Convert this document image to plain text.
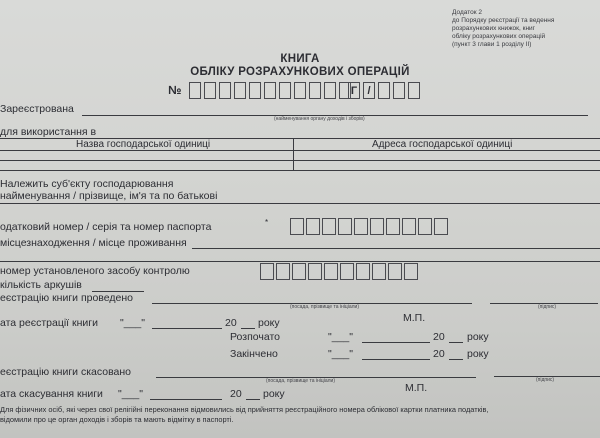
Додаток 2
до Порядку реєстрації та ведення
розрахункових книжок, книг
обліку розрахункових операцій
(пункт 3 глави 1 розділу ІІ)
КНИГА
ОБЛІКУ РОЗРАХУНКОВИХ ОПЕРАЦІЙ
№	Г /
Зареєстрована
(найменування органу доходів і зборів)
для використання в
Назва господарської одиниці	Адреса господарської одиниці
Належить суб'єкту господарювання
найменування / прізвище, ім'я та по батькові
одатковий номер / серія та номер паспорта	*
місцезнаходження / місце проживання
номер установленого засобу контролю
кількість аркушів
еєстрацію книги проведено
(посада, прізвище та ініціали)	(підпис)
ата реєстрації книги "___"	20 року	М.П.
Розпочато	"___"	20 року
Закінчено	"___"	20 року
еєстрацію книги скасовано
(посада, прізвище та ініціали)	(підпис)
ата скасування книги "___"	20 року	М.П.
Для фізичних осіб, які через свої релігійні переконання відмовились від прийняття реєстраційного номера облікової картки платника податків,
відомили про це орган доходів і зборів та мають відмітку в паспорті.
